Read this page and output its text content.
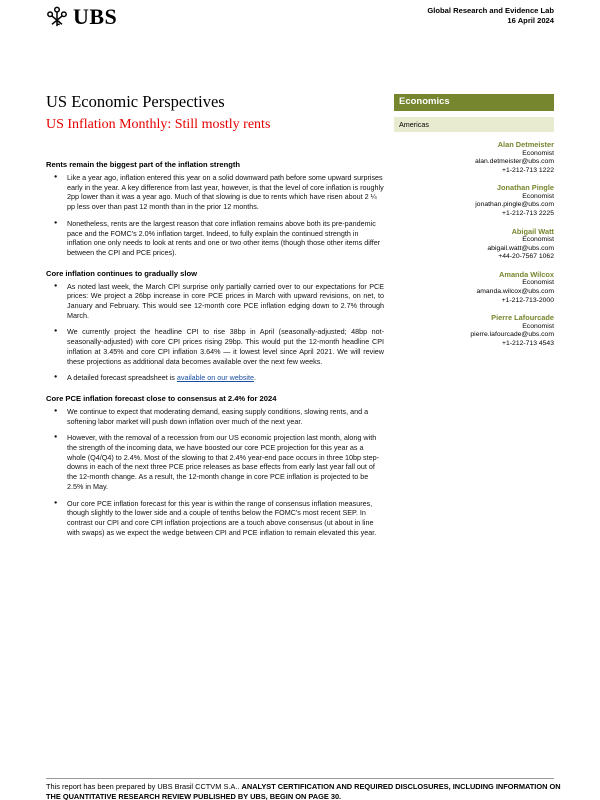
UBS	Global Research and Evidence Lab
16 April 2024
US Economic Perspectives
US Inflation Monthly: Still mostly rents
Economics
Americas
Alan Detmeister
Economist
alan.detmeister@ubs.com
+1-212-713 1222
Jonathan Pingle
Economist
jonathan.pingle@ubs.com
+1-212-713 2225
Abigail Watt
Economist
abigail.watt@ubs.com
+44-20-7567 1062
Amanda Wilcox
Economist
amanda.wilcox@ubs.com
+1-212-713-2000
Pierre Lafourcade
Economist
pierre.lafourcade@ubs.com
+1-212-713 4543
Rents remain the biggest part of the inflation strength
● Like a year ago, inflation entered this year on a solid downward path before some upward surprises early in the year. A key difference from last year, however, is that the level of core inflation is roughly 2pp lower than it was a year ago. Much of that slowing is due to rents which have risen about 2 ¼ pp less over than past 12 month than in the prior 12 months.
● Nonetheless, rents are the largest reason that core inflation remains above both its pre-pandemic pace and the FOMC's 2.0% inflation target. Indeed, to fully explain the continued strength in inflation one only needs to look at rents and one or two other items (though those other items differ between the CPI and PCE prices).
Core inflation continues to gradually slow
● As noted last week, the March CPI surprise only partially carried over to our expectations for PCE prices: We project a 26bp increase in core PCE prices in March with upward revisions, on net, to January and February. This would see 12-month core PCE inflation edging down to 2.7% through March.
● We currently project the headline CPI to rise 38bp in April (seasonally-adjusted; 48bp not-seasonally-adjusted) with core CPI prices rising 29bp. This would put the 12-month headline CPI inflation at 3.45% and core CPI inflation 3.64% — it lowest level since April 2021. We will review these projections as additional data becomes available over the next few weeks.
● A detailed forecast spreadsheet is available on our website.
Core PCE inflation forecast close to consensus at 2.4% for 2024
● We continue to expect that moderating demand, easing supply conditions, slowing rents, and a softening labor market will push down inflation over much of the next year.
● However, with the removal of a recession from our US economic projection last month, along with the strength of the incoming data, we have boosted our core PCE projection for this year as a whole (Q4/Q4) to 2.4%. Most of the slowing to that 2.4% year-end pace occurs in three 10bp step-downs in each of the next three PCE price releases as base effects from early last year fall out of the 12-month change. As a result, the 12-month change in core PCE inflation is projected to be 2.5% in May.
● Our core PCE inflation forecast for this year is within the range of consensus inflation measures, though slightly to the lower side and a couple of tenths below the FOMC's most recent SEP. In contrast our CPI and core CPI inflation projections are a touch above consensus (ut about in line with swaps) as we expect the wedge between CPI and PCE inflation to remain elevated this year.
This report has been prepared by UBS Brasil CCTVM S.A.. ANALYST CERTIFICATION AND REQUIRED DISCLOSURES, INCLUDING INFORMATION ON THE QUANTITATIVE RESEARCH REVIEW PUBLISHED BY UBS, BEGIN ON PAGE 30.
